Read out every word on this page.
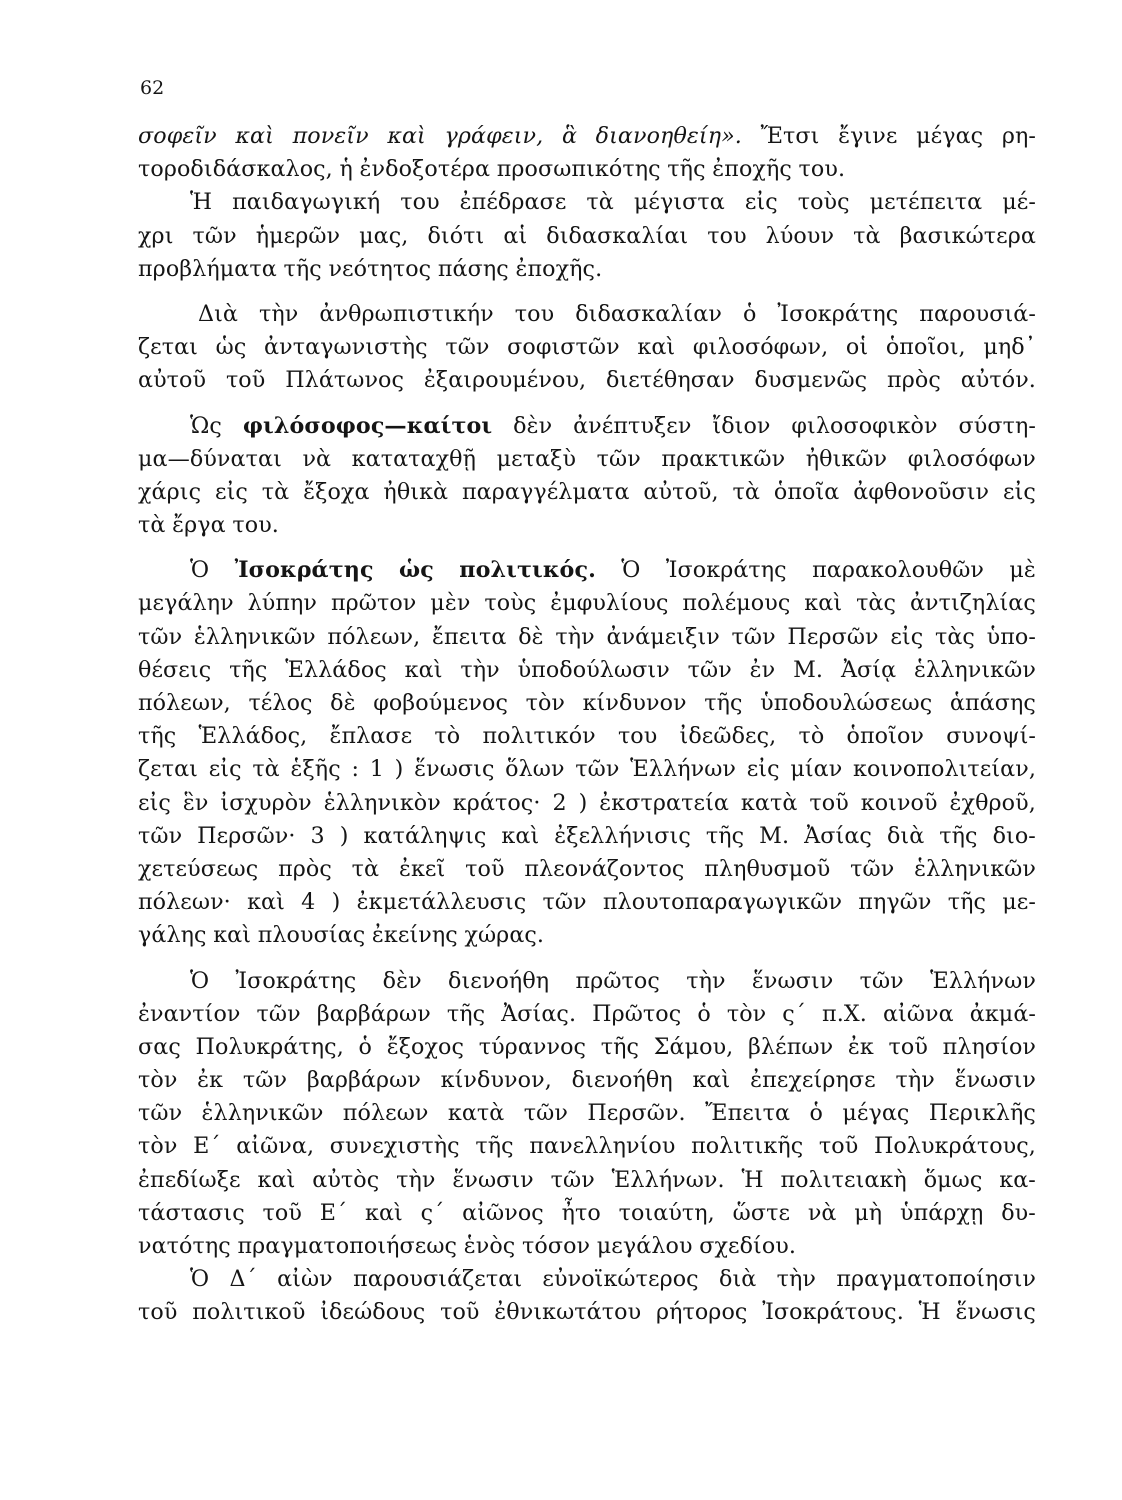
62
σοφεῖν καὶ πονεῖν καὶ γράφειν, ἃ διανοηθείη». Ἔτσι ἔγινε μέγας ρη-
τοροδιδάσκαλος, ἡ ἐνδοξοτέρα προσωπικότης τῆς ἐποχῆς του.
Ἡ παιδαγωγική του ἐπέδρασε τὰ μέγιστα εἰς τοὺς μετέπειτα μέ-
χρι τῶν ἡμερῶν μας, διότι αἱ διδασκαλίαι του λύουν τὰ βασικώτερα
προβλήματα τῆς νεότητος πάσης ἐποχῆς.
Διὰ τὴν ἀνθρωπιστικήν του διδασκαλίαν ὁ Ἰσοκράτης παρουσιά-
ζεται ὡς ἀνταγωνιστὴς τῶν σοφιστῶν καὶ φιλοσόφων, οἱ ὁποῖοι, μηδ᾽
αὐτοῦ τοῦ Πλάτωνος ἐξαιρουμένου, διετέθησαν δυσμενῶς πρὸς αὐτόν.
Ὡς φιλόσοφος—καίτοι δὲν ἀνέπτυξεν ἴδιον φιλοσοφικὸν σύστη-
μα—δύναται νὰ καταταχθῇ μεταξὺ τῶν πρακτικῶν ἠθικῶν φιλοσόφων
χάρις εἰς τὰ ἔξοχα ἠθικὰ παραγγέλματα αὐτοῦ, τὰ ὁποῖα ἀφθονοῦσιν εἰς
τὰ ἔργα του.
Ὁ Ἰσοκράτης ὡς πολιτικός. Ὁ Ἰσοκράτης παρακολουθῶν μὲ
μεγάλην λύπην πρῶτον μὲν τοὺς ἐμφυλίους πολέμους καὶ τὰς ἀντιζηλίας
τῶν ἑλληνικῶν πόλεων, ἔπειτα δὲ τὴν ἀνάμειξιν τῶν Περσῶν εἰς τὰς ὑπο-
θέσεις τῆς Ἑλλάδος καὶ τὴν ὑποδούλωσιν τῶν ἐν Μ. Ἀσίᾳ ἑλληνικῶν
πόλεων, τέλος δὲ φοβούμενος τὸν κίνδυνον τῆς ὑποδουλώσεως ἁπάσης
τῆς Ἑλλάδος, ἔπλασε τὸ πολιτικόν του ἰδεῶδες, τὸ ὁποῖον συνοψί-
ζεται εἰς τὰ ἑξῆς : 1 ) ἕνωσις ὅλων τῶν Ἑλλήνων εἰς μίαν κοινοπολιτείαν,
εἰς ἓν ἰσχυρὸν ἑλληνικὸν κράτος· 2 ) ἐκστρατεία κατὰ τοῦ κοινοῦ ἐχθροῦ,
τῶν Περσῶν· 3 ) κατάληψις καὶ ἐξελλήνισις τῆς Μ. Ἀσίας διὰ τῆς διο-
χετεύσεως πρὸς τὰ ἐκεῖ τοῦ πλεονάζοντος πληθυσμοῦ τῶν ἑλληνικῶν
πόλεων· καὶ 4 ) ἐκμετάλλευσις τῶν πλουτοπαραγωγικῶν πηγῶν τῆς με-
γάλης καὶ πλουσίας ἐκείνης χώρας.
Ὁ Ἰσοκράτης δὲν διενοήθη πρῶτος τὴν ἕνωσιν τῶν Ἑλλήνων
ἐναντίον τῶν βαρβάρων τῆς Ἀσίας. Πρῶτος ὁ τὸν ς´ π.Χ. αἰῶνα ἀκμά-
σας Πολυκράτης, ὁ ἔξοχος τύραννος τῆς Σάμου, βλέπων ἐκ τοῦ πλησίον
τὸν ἐκ τῶν βαρβάρων κίνδυνον, διενοήθη καὶ ἐπεχείρησε τὴν ἕνωσιν
τῶν ἑλληνικῶν πόλεων κατὰ τῶν Περσῶν. Ἔπειτα ὁ μέγας Περικλῆς
τὸν Ε´ αἰῶνα, συνεχιστὴς τῆς πανελληνίου πολιτικῆς τοῦ Πολυκράτους,
ἐπεδίωξε καὶ αὐτὸς τὴν ἕνωσιν τῶν Ἑλλήνων. Ἡ πολιτειακὴ ὅμως κα-
τάστασις τοῦ Ε´ καὶ ς´ αἰῶνος ἦτο τοιαύτη, ὥστε νὰ μὴ ὑπάρχῃ δυ-
νατότης πραγματοποιήσεως ἑνὸς τόσον μεγάλου σχεδίου.
Ὁ Δ´ αἰὼν παρουσιάζεται εὐνοϊκώτερος διὰ τὴν πραγματοποίησιν
τοῦ πολιτικοῦ ἰδεώδους τοῦ ἐθνικωτάτου ρήτορος Ἰσοκράτους. Ἡ ἕνωσις
